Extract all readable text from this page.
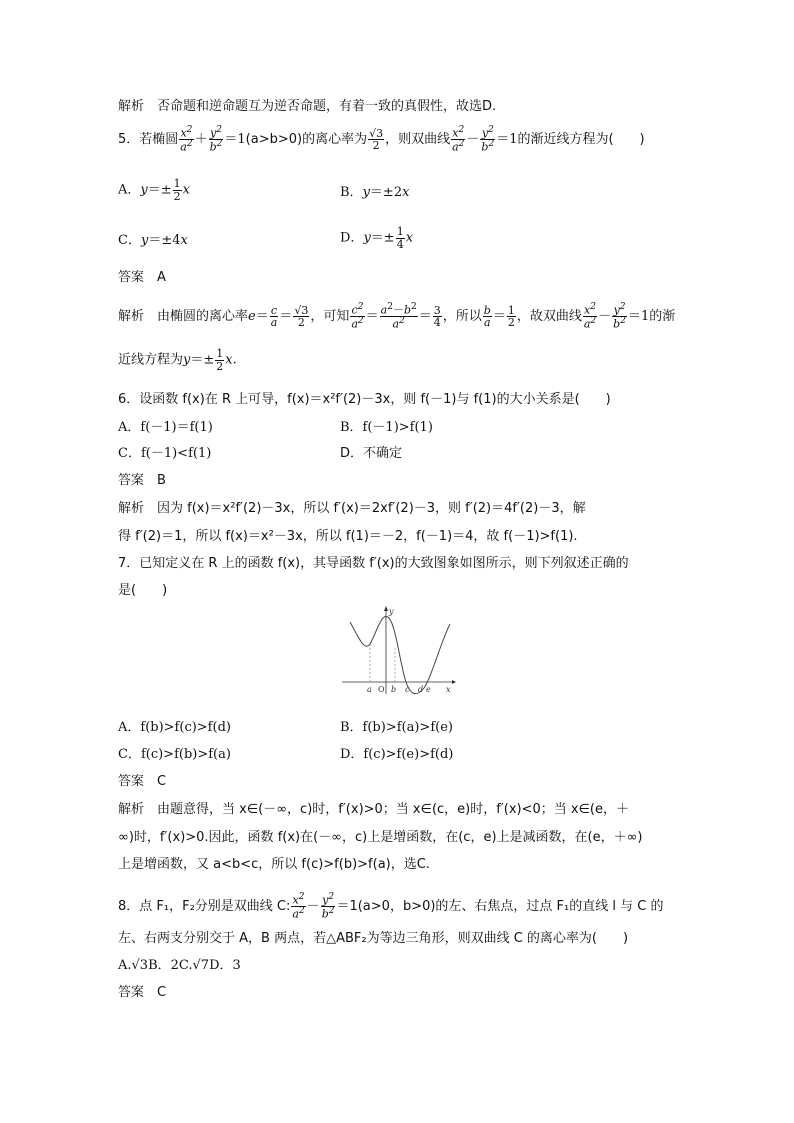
解析　否命题和逆命题互为逆否命题，有着一致的真假性，故选D.
5．若椭圆 $\frac{x^2}{a^2} + \frac{y^2}{b^2} =1(a>b>0)$的离心率为 $\frac{√3}{2}$ ，则双曲线 $\frac{x^2}{a^2} - \frac{y^2}{b^2} =1$的渐近线方程为(　　)
A．$y=\pm \frac{1}{2}$ x	B．y＝±2x
C．y＝±4x	D．$y=\pm \frac{1}{4}$ x
答案　A
解析　由椭圆的离心率$e= \frac{c}{a} = \frac{√3}{2}$ ，可知 $\frac{c^2}{a^2} = \frac{a^2-b^2}{a^2} = \frac{3}{4}$ ，所以 $\frac{b}{a} = \frac{1}{2}$ ，故双曲线 $\frac{x^2}{a^2} - \frac{y^2}{b^2} =1$的渐
近线方程为$y=\pm \frac{1}{2} x$.
6．设函数 f(x)在 R 上可导，f(x)＝x²f′(2)－3x，则 f(－1)与 f(1)的大小关系是(　　)
A．f(－1)＝f(1)	B．f(－1)>f(1)
C．f(－1)<f(1)	D．不确定
答案　B
解析　因为 f(x)＝x²f′(2)－3x，所以 f′(x)＝2xf′(2)－3，则 f′(2)＝4f′(2)－3，解
得 f′(2)＝1，所以 f(x)＝x²－3x，所以 f(1)＝－2，f(－1)＝4，故 f(－1)>f(1).
7．已知定义在 R 上的函数 f(x)，其导函数 f′(x)的大致图象如图所示，则下列叙述正确的
是(　　)
y
x
O
a b c d e
A．f(b)>f(c)>f(d)	B．f(b)>f(a)>f(e)
C．f(c)>f(b)>f(a)	D．f(c)>f(e)>f(d)
答案　C
解析　由题意得，当 x∈(－∞，c)时，f′(x)>0；当 x∈(c，e)时，f′(x)<0；当 x∈(e，＋
∞)时，f′(x)>0.因此，函数 f(x)在(－∞，c)上是增函数，在(c，e)上是减函数，在(e，＋∞)
上是增函数，又 a<b<c，所以 f(c)>f(b)>f(a)，选C.
8．点 F₁，F₂分别是双曲线 C: $\frac{x^2}{a^2} - \frac{y^2}{b^2} =1(a>0$，b>0)的左、右焦点，过点 F₁的直线 l 与 C 的
左、右两支分别交于 A，B 两点，若△ABF₂为等边三角形，则双曲线 C 的离心率为(　　)
A.√3B．2C.√7D．3
答案　C
